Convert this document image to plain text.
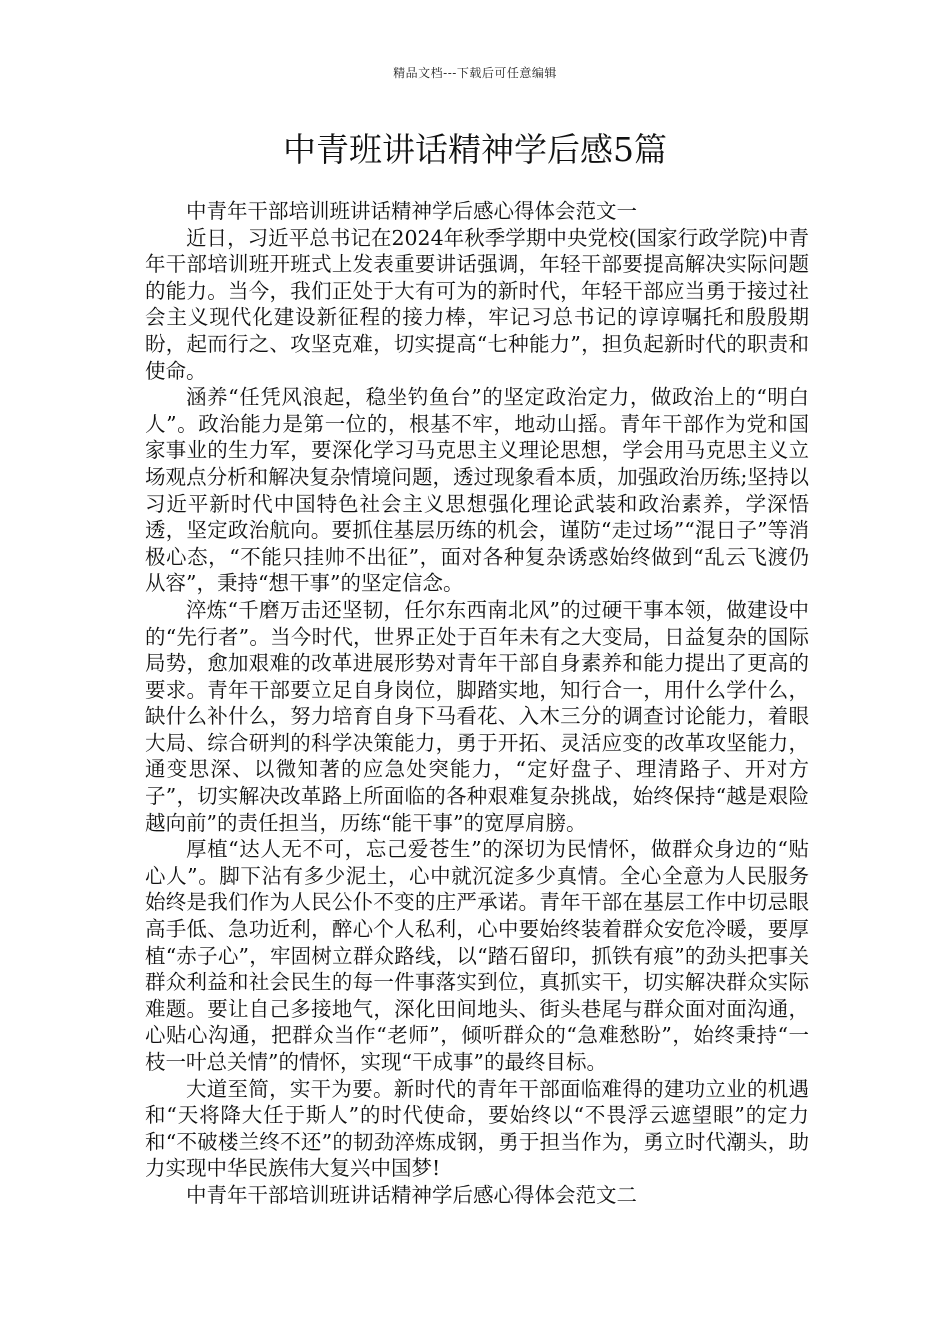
精品文档---下载后可任意编辑
中青班讲话精神学后感5篇

中青年干部培训班讲话精神学后感心得体会范文一

近日，习近平总书记在2024年秋季学期中央党校(国家行政学院)中青年干部培训班开班式上发表重要讲话强调，年轻干部要提高解决实际问题的能力。当今，我们正处于大有可为的新时代，年轻干部应当勇于接过社会主义现代化建设新征程的接力棒，牢记习总书记的谆谆嘱托和殷殷期盼，起而行之、攻坚克难，切实提高“七种能力”，担负起新时代的职责和使命。

涵养“任凭风浪起，稳坐钓鱼台”的坚定政治定力，做政治上的“明白人”。政治能力是第一位的，根基不牢，地动山摇。青年干部作为党和国家事业的生力军，要深化学习马克思主义理论思想，学会用马克思主义立场观点分析和解决复杂情境问题，透过现象看本质，加强政治历练;坚持以习近平新时代中国特色社会主义思想强化理论武装和政治素养，学深悟透，坚定政治航向。要抓住基层历练的机会，谨防“走过场”“混日子”等消极心态，“不能只挂帅不出征”，面对各种复杂诱惑始终做到“乱云飞渡仍从容”，秉持“想干事”的坚定信念。

淬炼“千磨万击还坚韧，任尔东西南北风”的过硬干事本领，做建设中的“先行者”。当今时代，世界正处于百年未有之大变局，日益复杂的国际局势，愈加艰难的改革进展形势对青年干部自身素养和能力提出了更高的要求。青年干部要立足自身岗位，脚踏实地，知行合一，用什么学什么，缺什么补什么，努力培育自身下马看花、入木三分的调查讨论能力，着眼大局、综合研判的科学决策能力，勇于开拓、灵活应变的改革攻坚能力，通变思深、以微知著的应急处突能力，“定好盘子、理清路子、开对方子”，切实解决改革路上所面临的各种艰难复杂挑战，始终保持“越是艰险越向前”的责任担当，历练“能干事”的宽厚肩膀。

厚植“达人无不可，忘己爱苍生”的深切为民情怀，做群众身边的“贴心人”。脚下沾有多少泥土，心中就沉淀多少真情。全心全意为人民服务始终是我们作为人民公仆不变的庄严承诺。青年干部在基层工作中切忌眼高手低、急功近利，醉心个人私利，心中要始终装着群众安危冷暖，要厚植“赤子心”，牢固树立群众路线，以“踏石留印，抓铁有痕”的劲头把事关群众利益和社会民生的每一件事落实到位，真抓实干，切实解决群众实际难题。要让自己多接地气，深化田间地头、街头巷尾与群众面对面沟通，心贴心沟通，把群众当作“老师”，倾听群众的“急难愁盼”，始终秉持“一枝一叶总关情”的情怀，实现“干成事”的最终目标。

大道至简，实干为要。新时代的青年干部面临难得的建功立业的机遇和“天将降大任于斯人”的时代使命，要始终以“不畏浮云遮望眼”的定力和“不破楼兰终不还”的韧劲淬炼成钢，勇于担当作为，勇立时代潮头，助力实现中华民族伟大复兴中国梦!

中青年干部培训班讲话精神学后感心得体会范文二
